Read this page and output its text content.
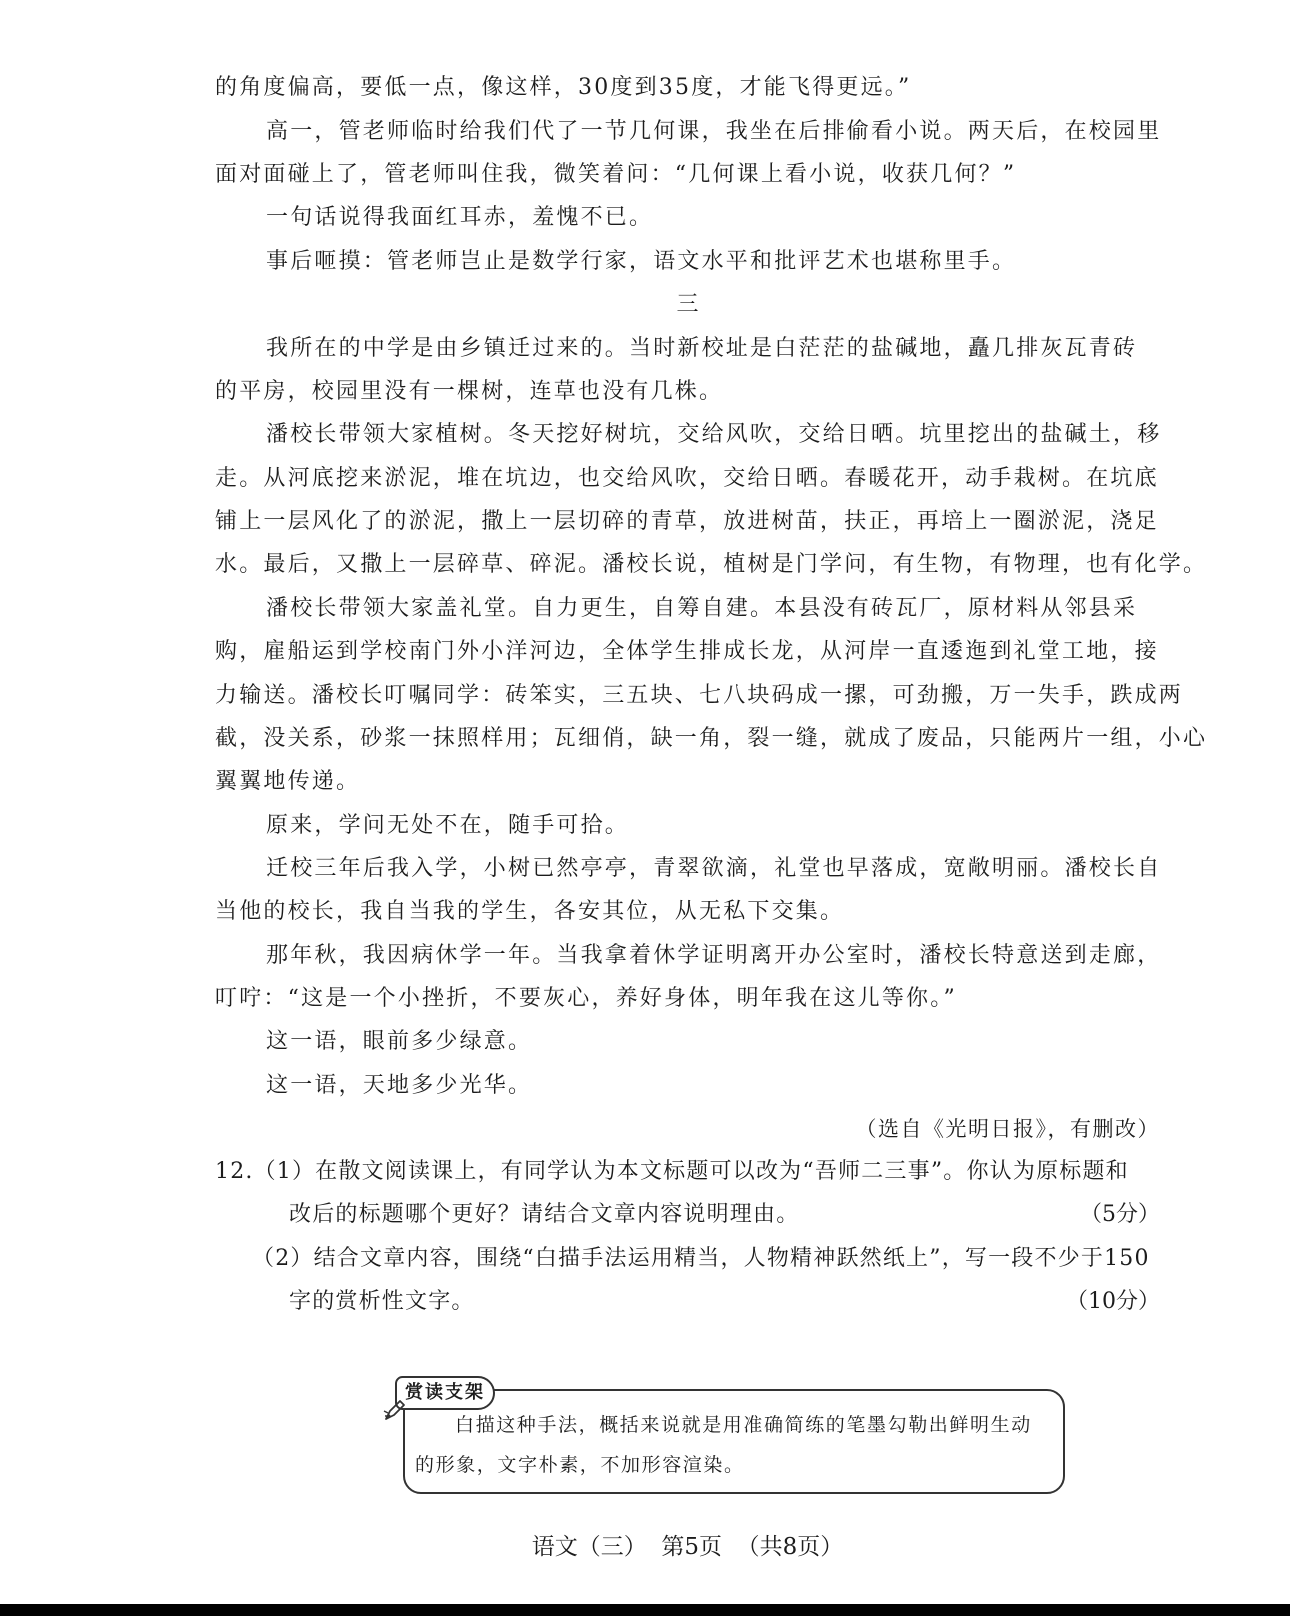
的角度偏高，要低一点，像这样，30度到35度，才能飞得更远。”
高一，管老师临时给我们代了一节几何课，我坐在后排偷看小说。两天后，在校园里
面对面碰上了，管老师叫住我，微笑着问：“几何课上看小说，收获几何？”
一句话说得我面红耳赤，羞愧不已。
事后咂摸：管老师岂止是数学行家，语文水平和批评艺术也堪称里手。
三
我所在的中学是由乡镇迁过来的。当时新校址是白茫茫的盐碱地，矗几排灰瓦青砖
的平房，校园里没有一棵树，连草也没有几株。
潘校长带领大家植树。冬天挖好树坑，交给风吹，交给日晒。坑里挖出的盐碱土，移
走。从河底挖来淤泥，堆在坑边，也交给风吹，交给日晒。春暖花开，动手栽树。在坑底
铺上一层风化了的淤泥，撒上一层切碎的青草，放进树苗，扶正，再培上一圈淤泥，浇足
水。最后，又撒上一层碎草、碎泥。潘校长说，植树是门学问，有生物，有物理，也有化学。
潘校长带领大家盖礼堂。自力更生，自筹自建。本县没有砖瓦厂，原材料从邻县采
购，雇船运到学校南门外小洋河边，全体学生排成长龙，从河岸一直逶迤到礼堂工地，接
力输送。潘校长叮嘱同学：砖笨实，三五块、七八块码成一摞，可劲搬，万一失手，跌成两
截，没关系，砂浆一抹照样用；瓦细俏，缺一角，裂一缝，就成了废品，只能两片一组，小心
翼翼地传递。
原来，学问无处不在，随手可拾。
迁校三年后我入学，小树已然亭亭，青翠欲滴，礼堂也早落成，宽敞明丽。潘校长自
当他的校长，我自当我的学生，各安其位，从无私下交集。
那年秋，我因病休学一年。当我拿着休学证明离开办公室时，潘校长特意送到走廊，
叮咛：“这是一个小挫折，不要灰心，养好身体，明年我在这儿等你。”
这一语，眼前多少绿意。
这一语，天地多少光华。
（选自《光明日报》，有删改）
12.（1）在散文阅读课上，有同学认为本文标题可以改为“吾师二三事”。你认为原标题和
改后的标题哪个更好？请结合文章内容说明理由。	（5分）
（2）结合文章内容，围绕“白描手法运用精当，人物精神跃然纸上”，写一段不少于150
字的赏析性文字。	（10分）
赏读支架
白描这种手法，概括来说就是用准确简练的笔墨勾勒出鲜明生动
的形象，文字朴素，不加形容渲染。
语文（三）  第5页  （共8页）
